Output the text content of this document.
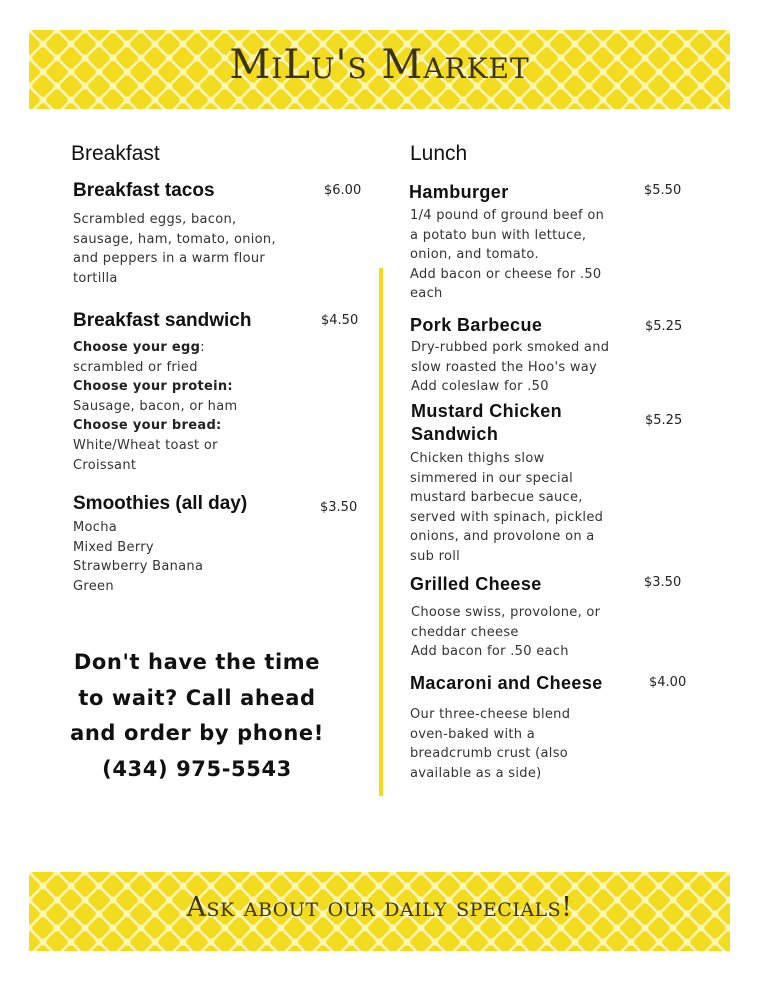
MiLu's Market
Breakfast
Breakfast tacos	$6.00

Scrambled eggs, bacon,

sausage, ham, tomato, onion,

and peppers in a warm flour

tortilla

Breakfast sandwich	$4.50

Choose your egg:

scrambled or fried

Choose your protein:

Sausage, bacon, or ham

Choose your bread:

White/Wheat toast or

Croissant

Smoothies (all day)	$3.50

Mocha

Mixed Berry

Strawberry Banana

Green

Don't have the time
to wait? Call ahead
and order by phone!
(434) 975-5543
Lunch
Hamburger	$5.50

1/4 pound of ground beef on

a potato bun with lettuce,

onion, and tomato.

Add bacon or cheese for .50

each

Pork Barbecue	$5.25

Dry-rubbed pork smoked and

slow roasted the Hoo's way

Add coleslaw for .50

Mustard Chicken
Sandwich
$5.25

Chicken thighs slow

simmered in our special

mustard barbecue sauce,

served with spinach, pickled

onions, and provolone on a

sub roll

Grilled Cheese	$3.50

Choose swiss, provolone, or

cheddar cheese

Add bacon for .50 each

Macaroni and Cheese	$4.00

Our three-cheese blend

oven-baked with a

breadcrumb crust (also

available as a side)

Ask about our daily specials!
